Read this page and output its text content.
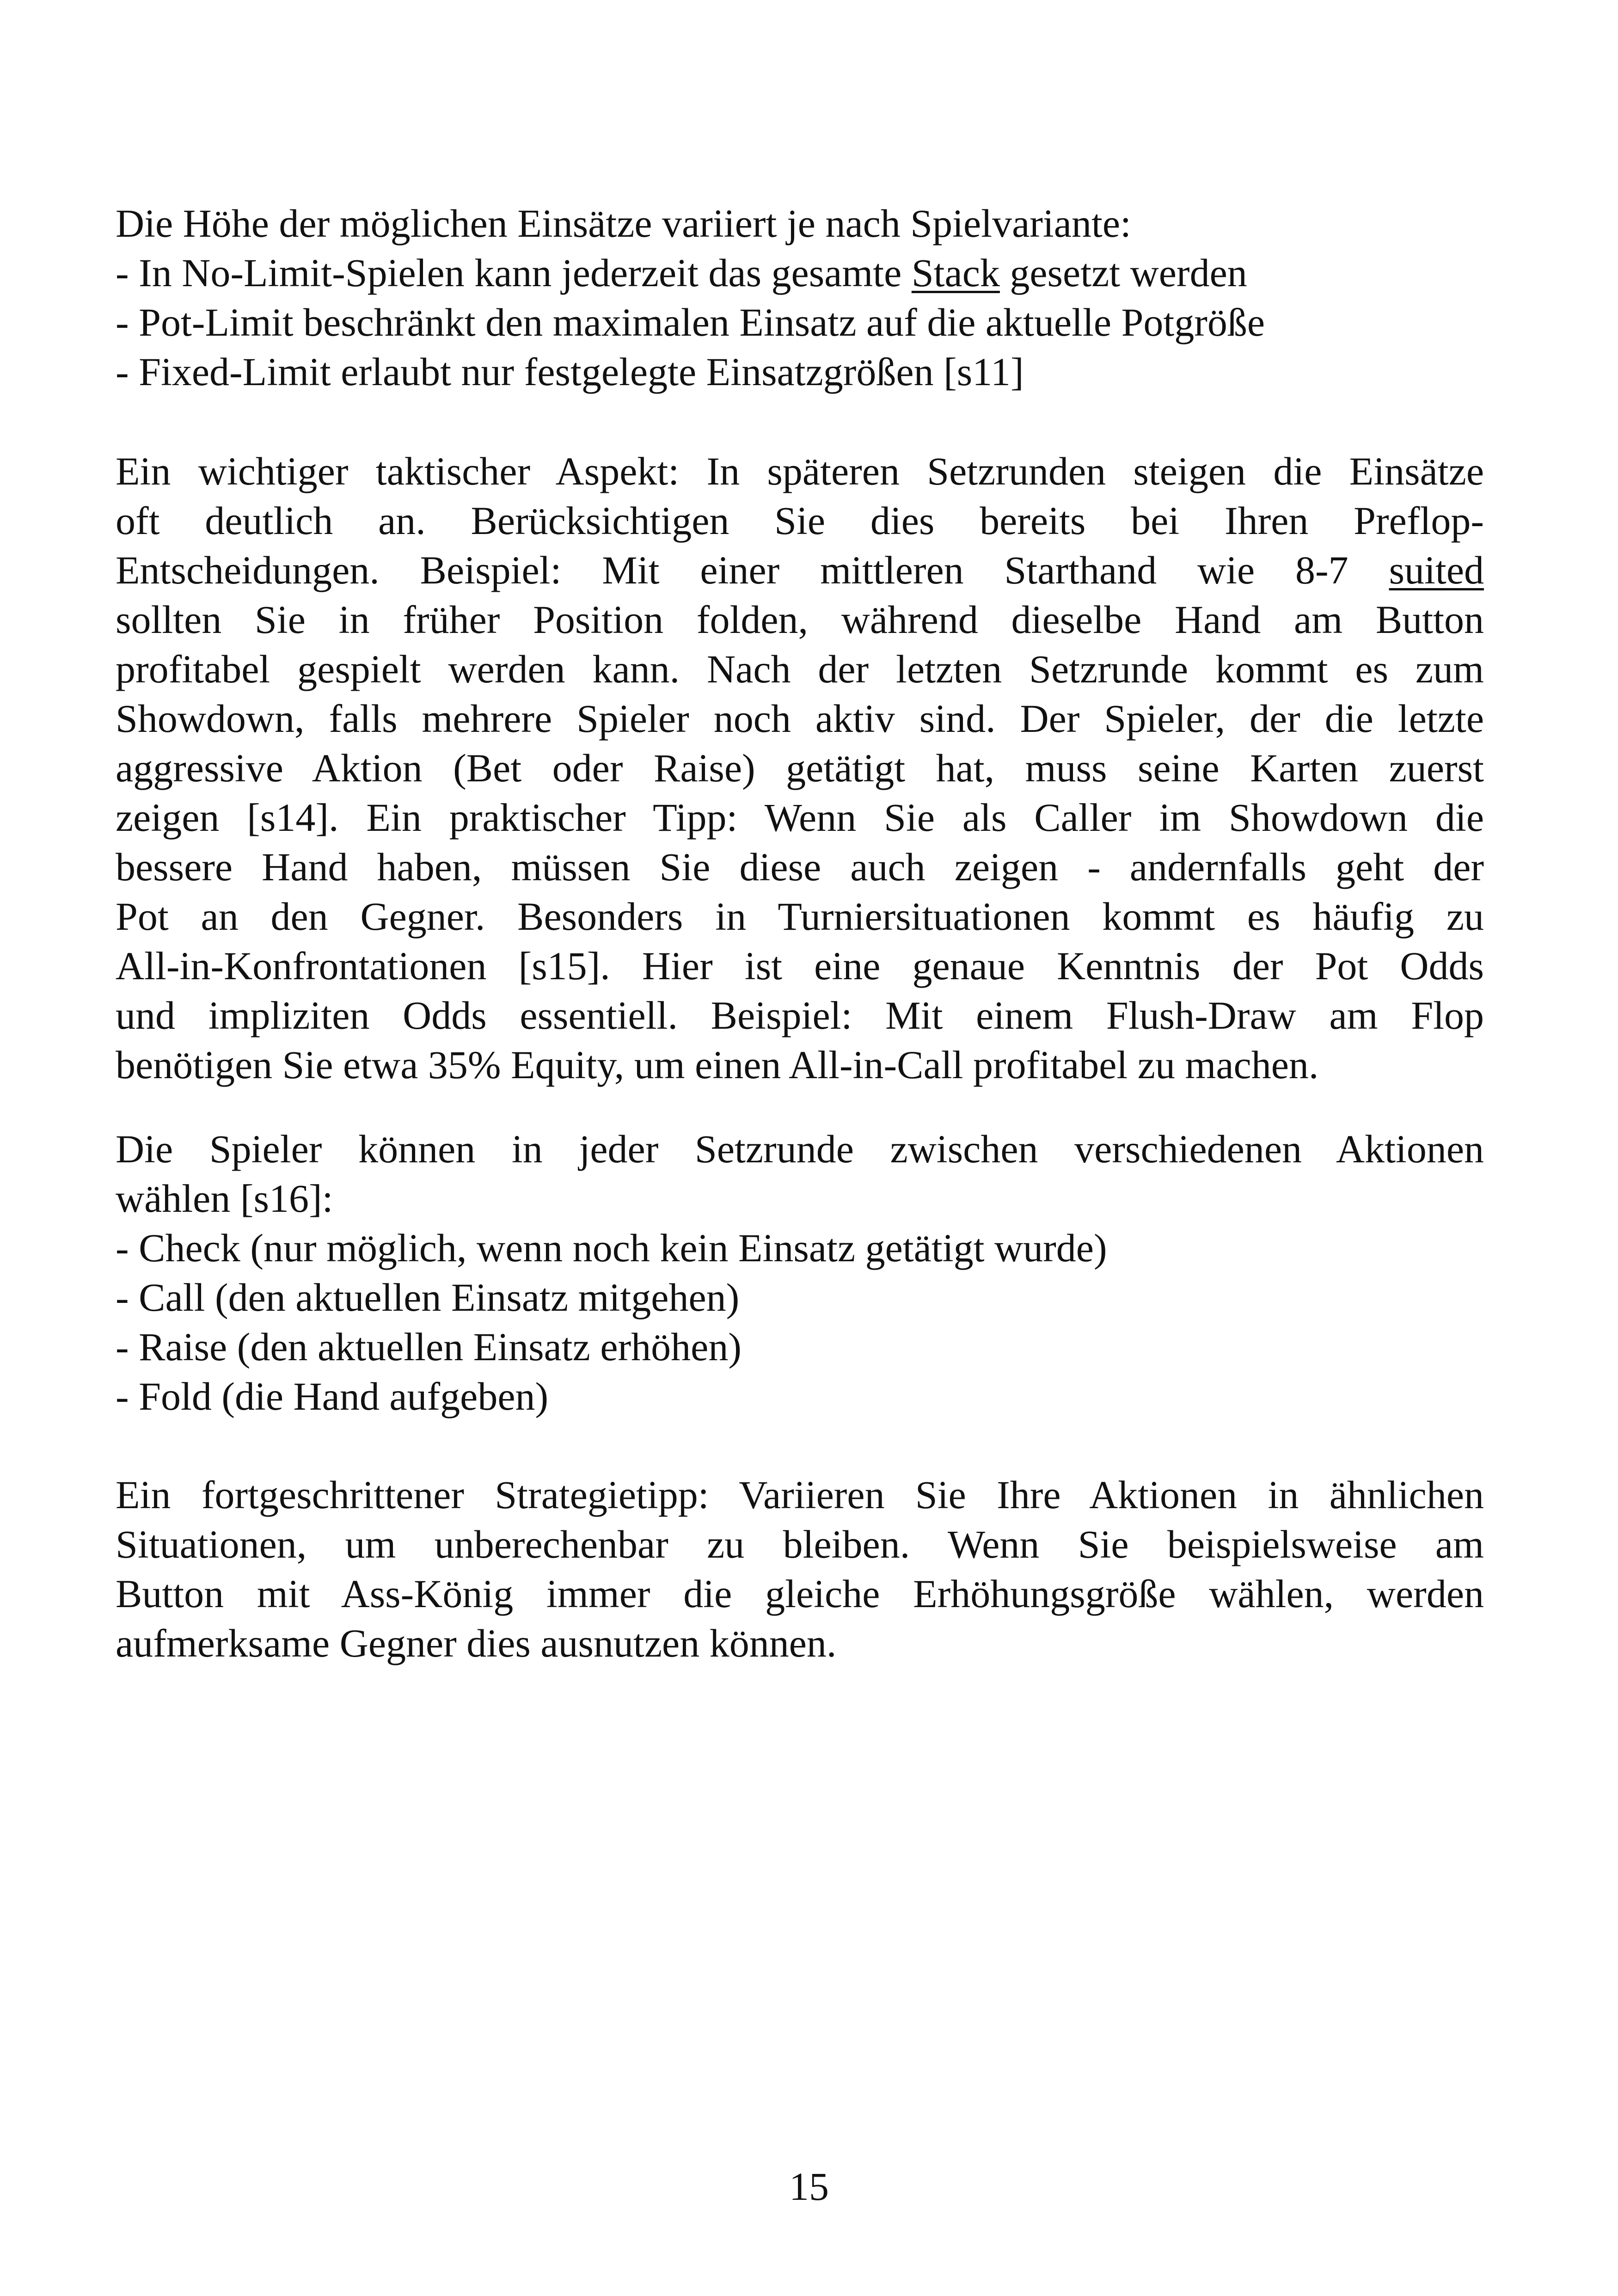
Die Höhe der möglichen Einsätze variiert je nach Spielvariante:
- In No-Limit-Spielen kann jederzeit das gesamte Stack gesetzt werden
- Pot-Limit beschränkt den maximalen Einsatz auf die aktuelle Potgröße
- Fixed-Limit erlaubt nur festgelegte Einsatzgrößen [s11]
Ein wichtiger taktischer Aspekt: In späteren Setzrunden steigen die Einsätze
oft deutlich an. Berücksichtigen Sie dies bereits bei Ihren Preflop-
Entscheidungen. Beispiel: Mit einer mittleren Starthand wie 8-7 suited
sollten Sie in früher Position folden, während dieselbe Hand am Button
profitabel gespielt werden kann. Nach der letzten Setzrunde kommt es zum
Showdown, falls mehrere Spieler noch aktiv sind. Der Spieler, der die letzte
aggressive Aktion (Bet oder Raise) getätigt hat, muss seine Karten zuerst
zeigen [s14]. Ein praktischer Tipp: Wenn Sie als Caller im Showdown die
bessere Hand haben, müssen Sie diese auch zeigen - andernfalls geht der
Pot an den Gegner. Besonders in Turniersituationen kommt es häufig zu
All-in-Konfrontationen [s15]. Hier ist eine genaue Kenntnis der Pot Odds
und impliziten Odds essentiell. Beispiel: Mit einem Flush-Draw am Flop
benötigen Sie etwa 35% Equity, um einen All-in-Call profitabel zu machen.
Die Spieler können in jeder Setzrunde zwischen verschiedenen Aktionen
wählen [s16]:
- Check (nur möglich, wenn noch kein Einsatz getätigt wurde)
- Call (den aktuellen Einsatz mitgehen)
- Raise (den aktuellen Einsatz erhöhen)
- Fold (die Hand aufgeben)
Ein fortgeschrittener Strategietipp: Variieren Sie Ihre Aktionen in ähnlichen
Situationen, um unberechenbar zu bleiben. Wenn Sie beispielsweise am
Button mit Ass-König immer die gleiche Erhöhungsgröße wählen, werden
aufmerksame Gegner dies ausnutzen können.
15
